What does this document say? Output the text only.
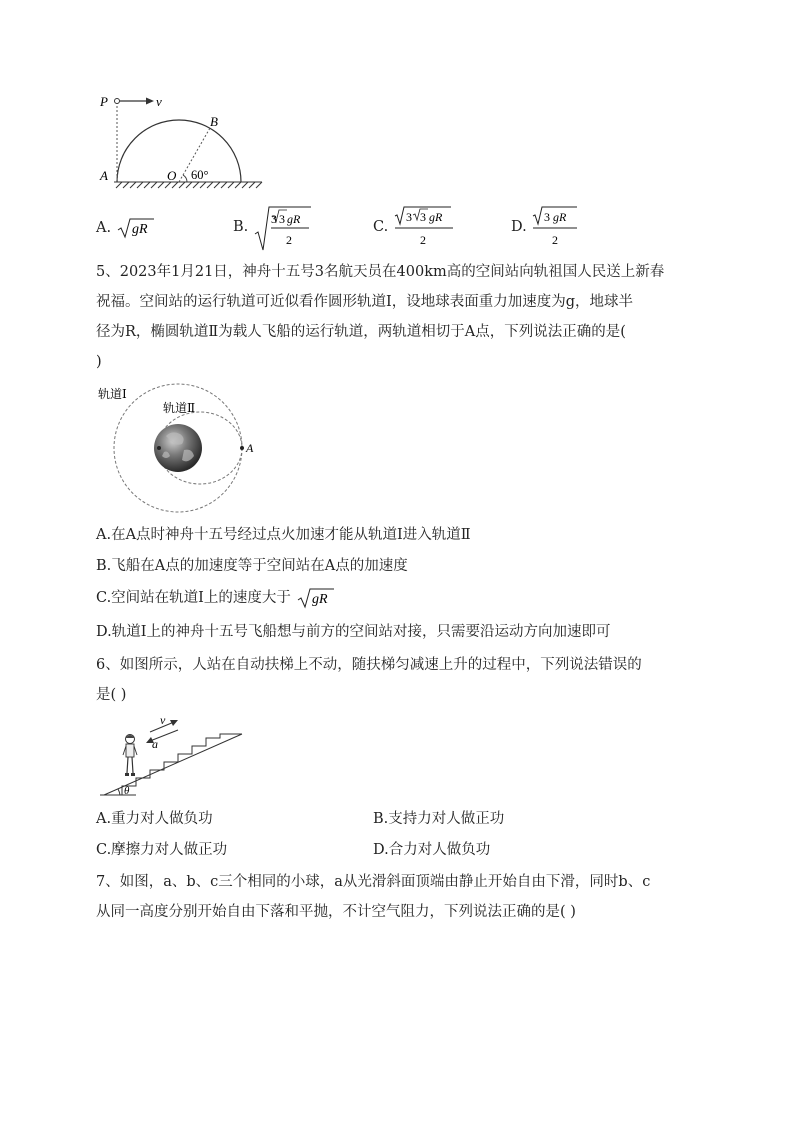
P	v
B
A	O 60°
A. gR	B. 3 3 gR
2
C.
3 3 gR
2
D.
3 gR
2
5、2023年1月21日，神舟十五号3名航天员在400km高的空间站向轨祖国人民送上新春
祝福。空间站的运行轨道可近似看作圆形轨道Ⅰ，设地球表面重力加速度为g，地球半
径为R，椭圆轨道Ⅱ为载人飞船的运行轨道，两轨道相切于A点，下列说法正确的是(
)
轨道Ⅰ
轨道Ⅱ
A
A.在A点时神舟十五号经过点火加速才能从轨道Ⅰ进入轨道Ⅱ
B.飞船在A点的加速度等于空间站在A点的加速度
C.空间站在轨道Ⅰ上的速度大于 gR
D.轨道Ⅰ上的神舟十五号飞船想与前方的空间站对接，只需要沿运动方向加速即可
6、如图所示，人站在自动扶梯上不动，随扶梯匀减速上升的过程中，下列说法错误的
是( )
v
a
θ
A.重力对人做负功	B.支持力对人做正功
C.摩擦力对人做正功	D.合力对人做负功
7、如图，a、b、c三个相同的小球，a从光滑斜面顶端由静止开始自由下滑，同时b、c
从同一高度分别开始自由下落和平抛，不计空气阻力，下列说法正确的是( )
